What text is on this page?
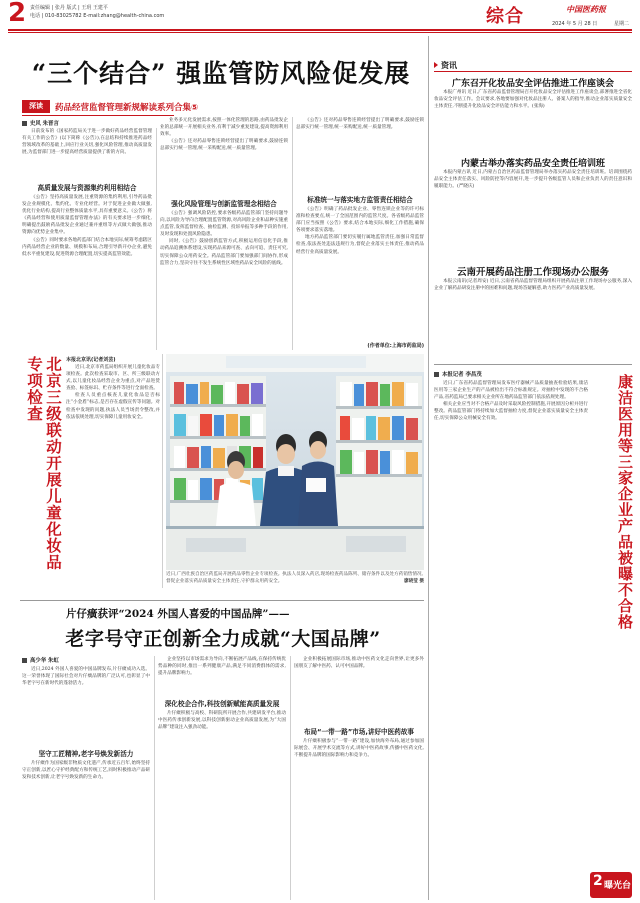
2 责任编辑 | 张丹 版式 | 王玥 王建平
电话 | 010-83025782 E-mail:zhang@health-china.com	综合	中国医药报
2024 年 5 月 28 日	星期二
“三个结合” 强监管防风险促发展
深读	药品经营监督管理新规解读系列合集⑤
史风 朱晋言

日前发布的《国家药监局关于进一步做好药品经营监督管理有关工作的公告》(以下简称《公告》),在总结和持续推进药品经营领域改革的基础上,回应行业关切,强化风险管理,推动高质量发展,为监督部门进一步提高经营质量提供了新的方向。

高质量发展与资源集约利用相结合

《公告》坚持高质量发展,注重资源的集约利用,引导药品批发企业规模化、集约化、专业化经营。对于促进企业做大做强,优化行业结构,提高行业整体质量水平,具有重要意义。《公告》将《药品经营和使用质量监督管理办法》的有关要求进一步细化,明确提出鼓励药品批发企业通过兼并重组等方式做大做强,推动资源向优势企业集中。

《公告》同时要求各地药监部门结合本地实际,统筹考虑辖区内药品经营企业的数量、规模和布局,合理引导新开办企业,避免低水平重复建设,促进资源合理配置,切实提高监管效能。

业务多元化发展需求,按照一体化管理的思路,由药品批发企业的总部统一开展相关业务,有利于减少重复建设,提高资源利用效率。

《公告》还对药品零售连锁经营提出了明确要求,鼓励连锁总部实行统一管理,统一采购配送,统一质量管理。

强化风险管理与创新监管理念相结合

《公告》强调风险防控,要求各级药品监管部门坚持问题导向,以风险为导向合理配置监管资源,对高风险企业和品种实施重点监管,发挥监督检查、抽检监测、投诉举报等多种手段的作用,及时发现和处置风险隐患。

同时,《公告》鼓励创新监管方式,积极运用信息化手段,推动药品追溯体系建设,实现药品来源可查、去向可追、责任可究,切实保障公众用药安全。药品监管部门要加强部门间协作,形成监管合力,坚决守住不发生系统性区域性药品安全风险的底线。

《公告》还对药品零售连锁经营提出了明确要求,鼓励连锁总部实行统一管理,统一采购配送,统一质量管理。

标准统一与落实地方监管责任相结合

《公告》明确了药品批发企业、零售连锁企业等的许可标准和检查要点,统一了全国范围内的监管尺度。各省级药品监管部门应当按照《公告》要求,结合本地实际,细化工作措施,确保各项要求落实落地。

地方药品监管部门要切实履行属地监管责任,加强日常监督检查,依法查处违法违规行为,督促企业落实主体责任,推动药品经营行业高质量发展。

(作者单位:上海市药监局)
北京三级联动开展儿童化妆品专项检查	本报北京讯(记者刘芸)

近日,北京市药监局组织开展儿童化妆品专项检查。此次检查采取市、区、所三级联动方式,以儿童化妆品经营企业为重点,对产品进货查验、标签标识、贮存条件等进行全面检查。

检查人员重点核查儿童化妆品是否标注“小金盾”标志,是否存在虚假宣传等问题。对检查中发现的问题,执法人员当场责令整改,并依法依规处理,切实保障儿童用妆安全。

近日,广西壮族自治区药监局开展药品零售企业专项检查。执法人员深入药店,现场检查药品陈列、储存条件以及处方药销售情况,督促企业落实药品质量安全主体责任,守护群众用药安全。	廖晓莹 摄
片仔癀获评“2024 外国人喜爱的中国品牌”——
老字号守正创新全力成就“大国品牌”
高少华 朱虹

近日,2024 外国人喜爱的中国品牌发布,片仔癀成功入选。这一荣誉体现了国际社会对片仔癀品牌的广泛认可,也彰显了中华老字号在新时代的蓬勃活力。

坚守工匠精神,老字号焕发新活力

片仔癀作为国家级非物质文化遗产,传承近五百年,始终坚持守正创新,以匠心守护经典配方和传统工艺,同时积极推动产品研发和技术创新,让老字号焕发新的生命力。

企业坚持以市场需求为导向,不断拓展产品线,在保持传统优势品种的同时,推出一系列健康产品,满足不同消费群体的需求,提升品牌影响力。

深化校企合作,科技创新赋能高质量发展

片仔癀积极与高校、科研院所开展合作,共建研发平台,推动中医药传承创新发展,以科技创新驱动企业高质量发展,为“大国品牌”建设注入强劲动能。

企业积极拓展国际市场,推动中医药文化走向世界,让更多外国朋友了解中医药、认可中国品牌。

布局“一带一路”市场,讲好中医药故事

片仔癀积极参与“一带一路”建设,加快海外布局,通过参加国际展会、开展学术交流等方式,讲好中医药故事,传播中医药文化,不断提升品牌的国际影响力和竞争力。

资讯
广东召开化妆品安全评估推进工作座谈会

本报广州讯 近日,广东省药品监督管理局召开化妆品安全评估推进工作座谈会,部署推进全省化妆品安全评估工作。会议要求,各地要加强对化妆品注册人、备案人的指导,推动企业落实质量安全主体责任,不断提升化妆品安全评估能力和水平。(张海)

内蒙古举办落实药品安全责任培训班

本报内蒙古讯 近日,内蒙古自治区药品监督管理局举办落实药品安全责任培训班。培训围绕药品安全主体责任落实、风险防控等内容展开,进一步提升各级监管人员和企业负责人的责任意识和履职能力。(严晓庆)

云南开展药品注册工作现场办公服务

本报云南讯(记者周安) 近日,云南省药品监督管理局组织开展药品注册工作现场办公服务,深入企业了解药品研发注册中的困难和问题,现场答疑解惑,助力医药产业高质量发展。

本报记者 李昌茂

近日,广东省药品监督管理局发布医疗器械产品质量抽查检验结果,康洁医用等三家企业生产的产品被检出不符合标准规定。对抽检中发现的不合格产品,省药监局已要求相关企业所在地药品监管部门依法依规处理。

相关企业应当对不合格产品及时采取风险控制措施,开展原因分析并进行整改。药品监管部门将持续加大监督抽检力度,督促企业落实质量安全主体责任,切实保障公众用械安全有效。	康洁医用等三家企业产品被曝不合格
2 曝光台
